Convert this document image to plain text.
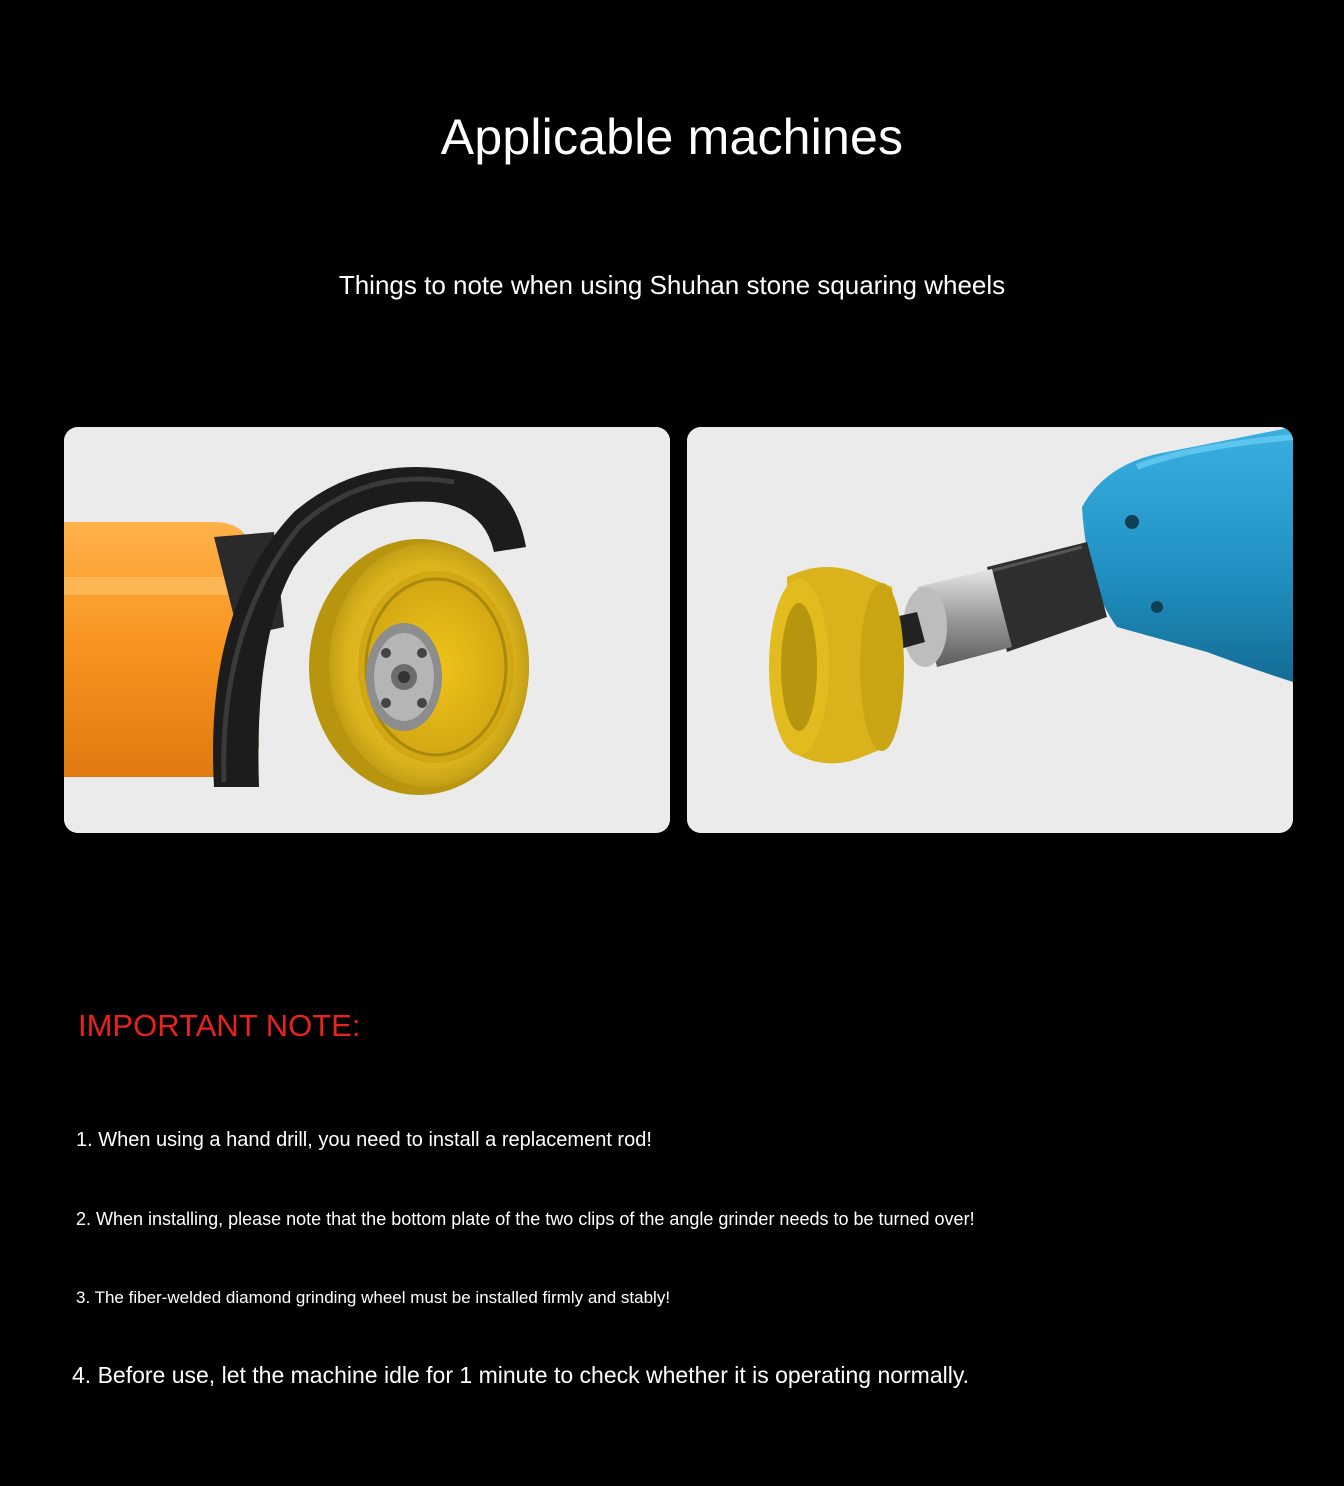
Applicable machines

Things to note when using Shuhan stone squaring wheels

IMPORTANT NOTE:

1. When using a hand drill, you need to install a replacement rod!

2. When installing, please note that the bottom plate of the two clips of the angle grinder needs to be turned over!

3. The fiber-welded diamond grinding wheel must be installed firmly and stably!

4. Before use, let the machine idle for 1 minute to check whether it is operating normally.
